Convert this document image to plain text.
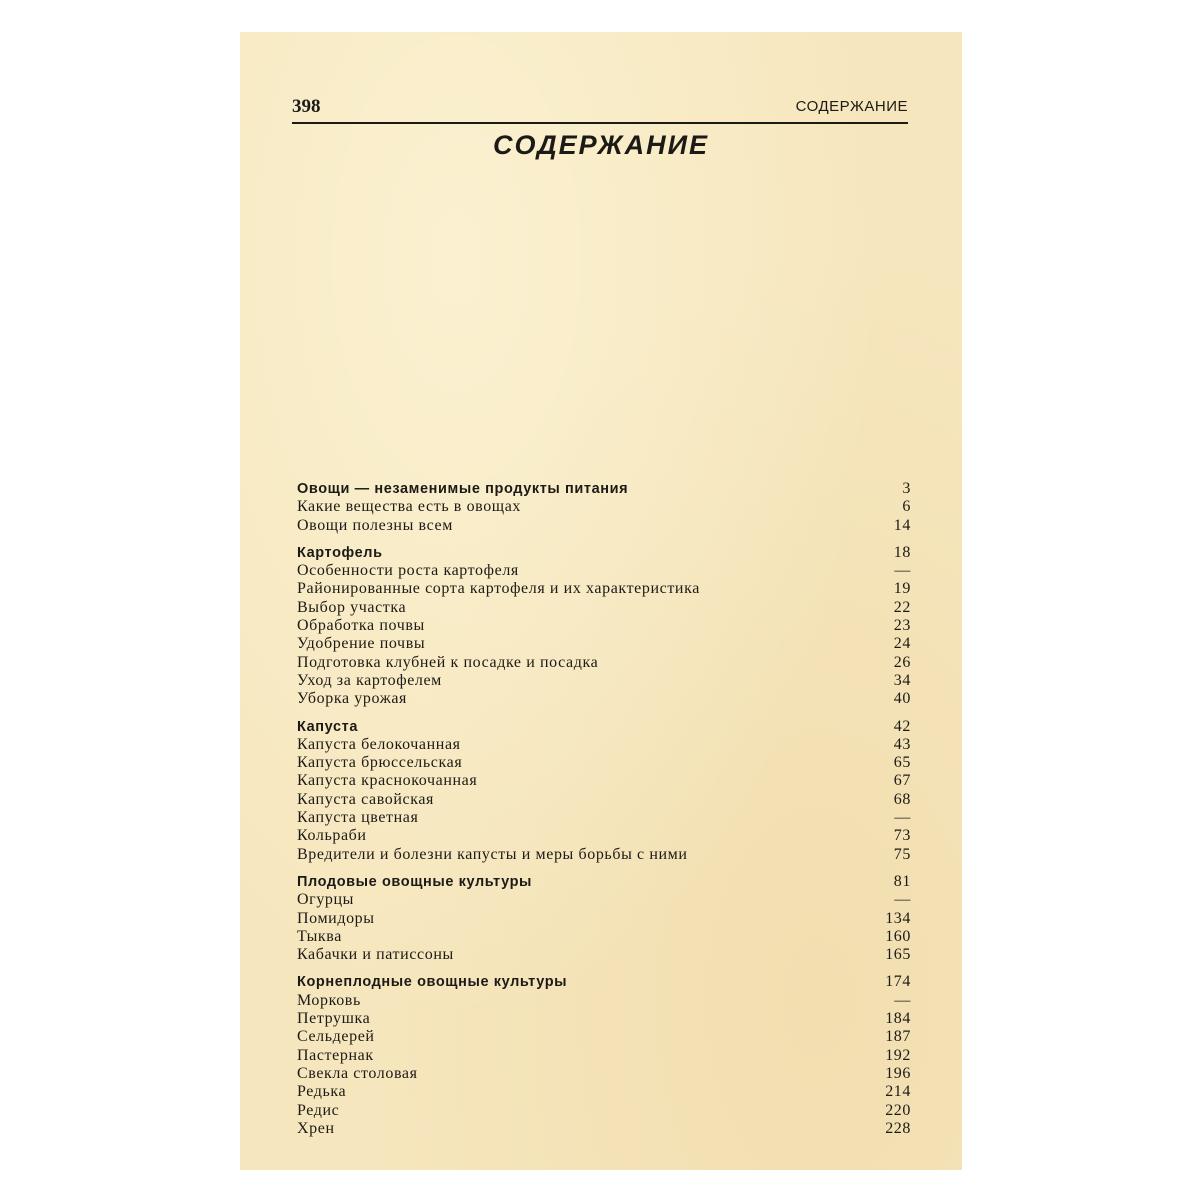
398	СОДЕРЖАНИЕ
СОДЕРЖАНИЕ
Овощи — незаменимые продукты питания	3
Какие вещества есть в овощах	6
Овощи полезны всем	14
Картофель	18
Особенности роста картофеля	—
Районированные сорта картофеля и их характеристика	19
Выбор участка	22
Обработка почвы	23
Удобрение почвы	24
Подготовка клубней к посадке и посадка	26
Уход за картофелем	34
Уборка урожая	40
Капуста	42
Капуста белокочанная	43
Капуста брюссельская	65
Капуста краснокочанная	67
Капуста савойская	68
Капуста цветная	—
Кольраби	73
Вредители и болезни капусты и меры борьбы с ними	75
Плодовые овощные культуры	81
Огурцы	—
Помидоры	134
Тыква	160
Кабачки и патиссоны	165
Корнеплодные овощные культуры	174
Морковь	—
Петрушка	184
Сельдерей	187
Пастернак	192
Свекла столовая	196
Редька	214
Редис	220
Хрен	228
